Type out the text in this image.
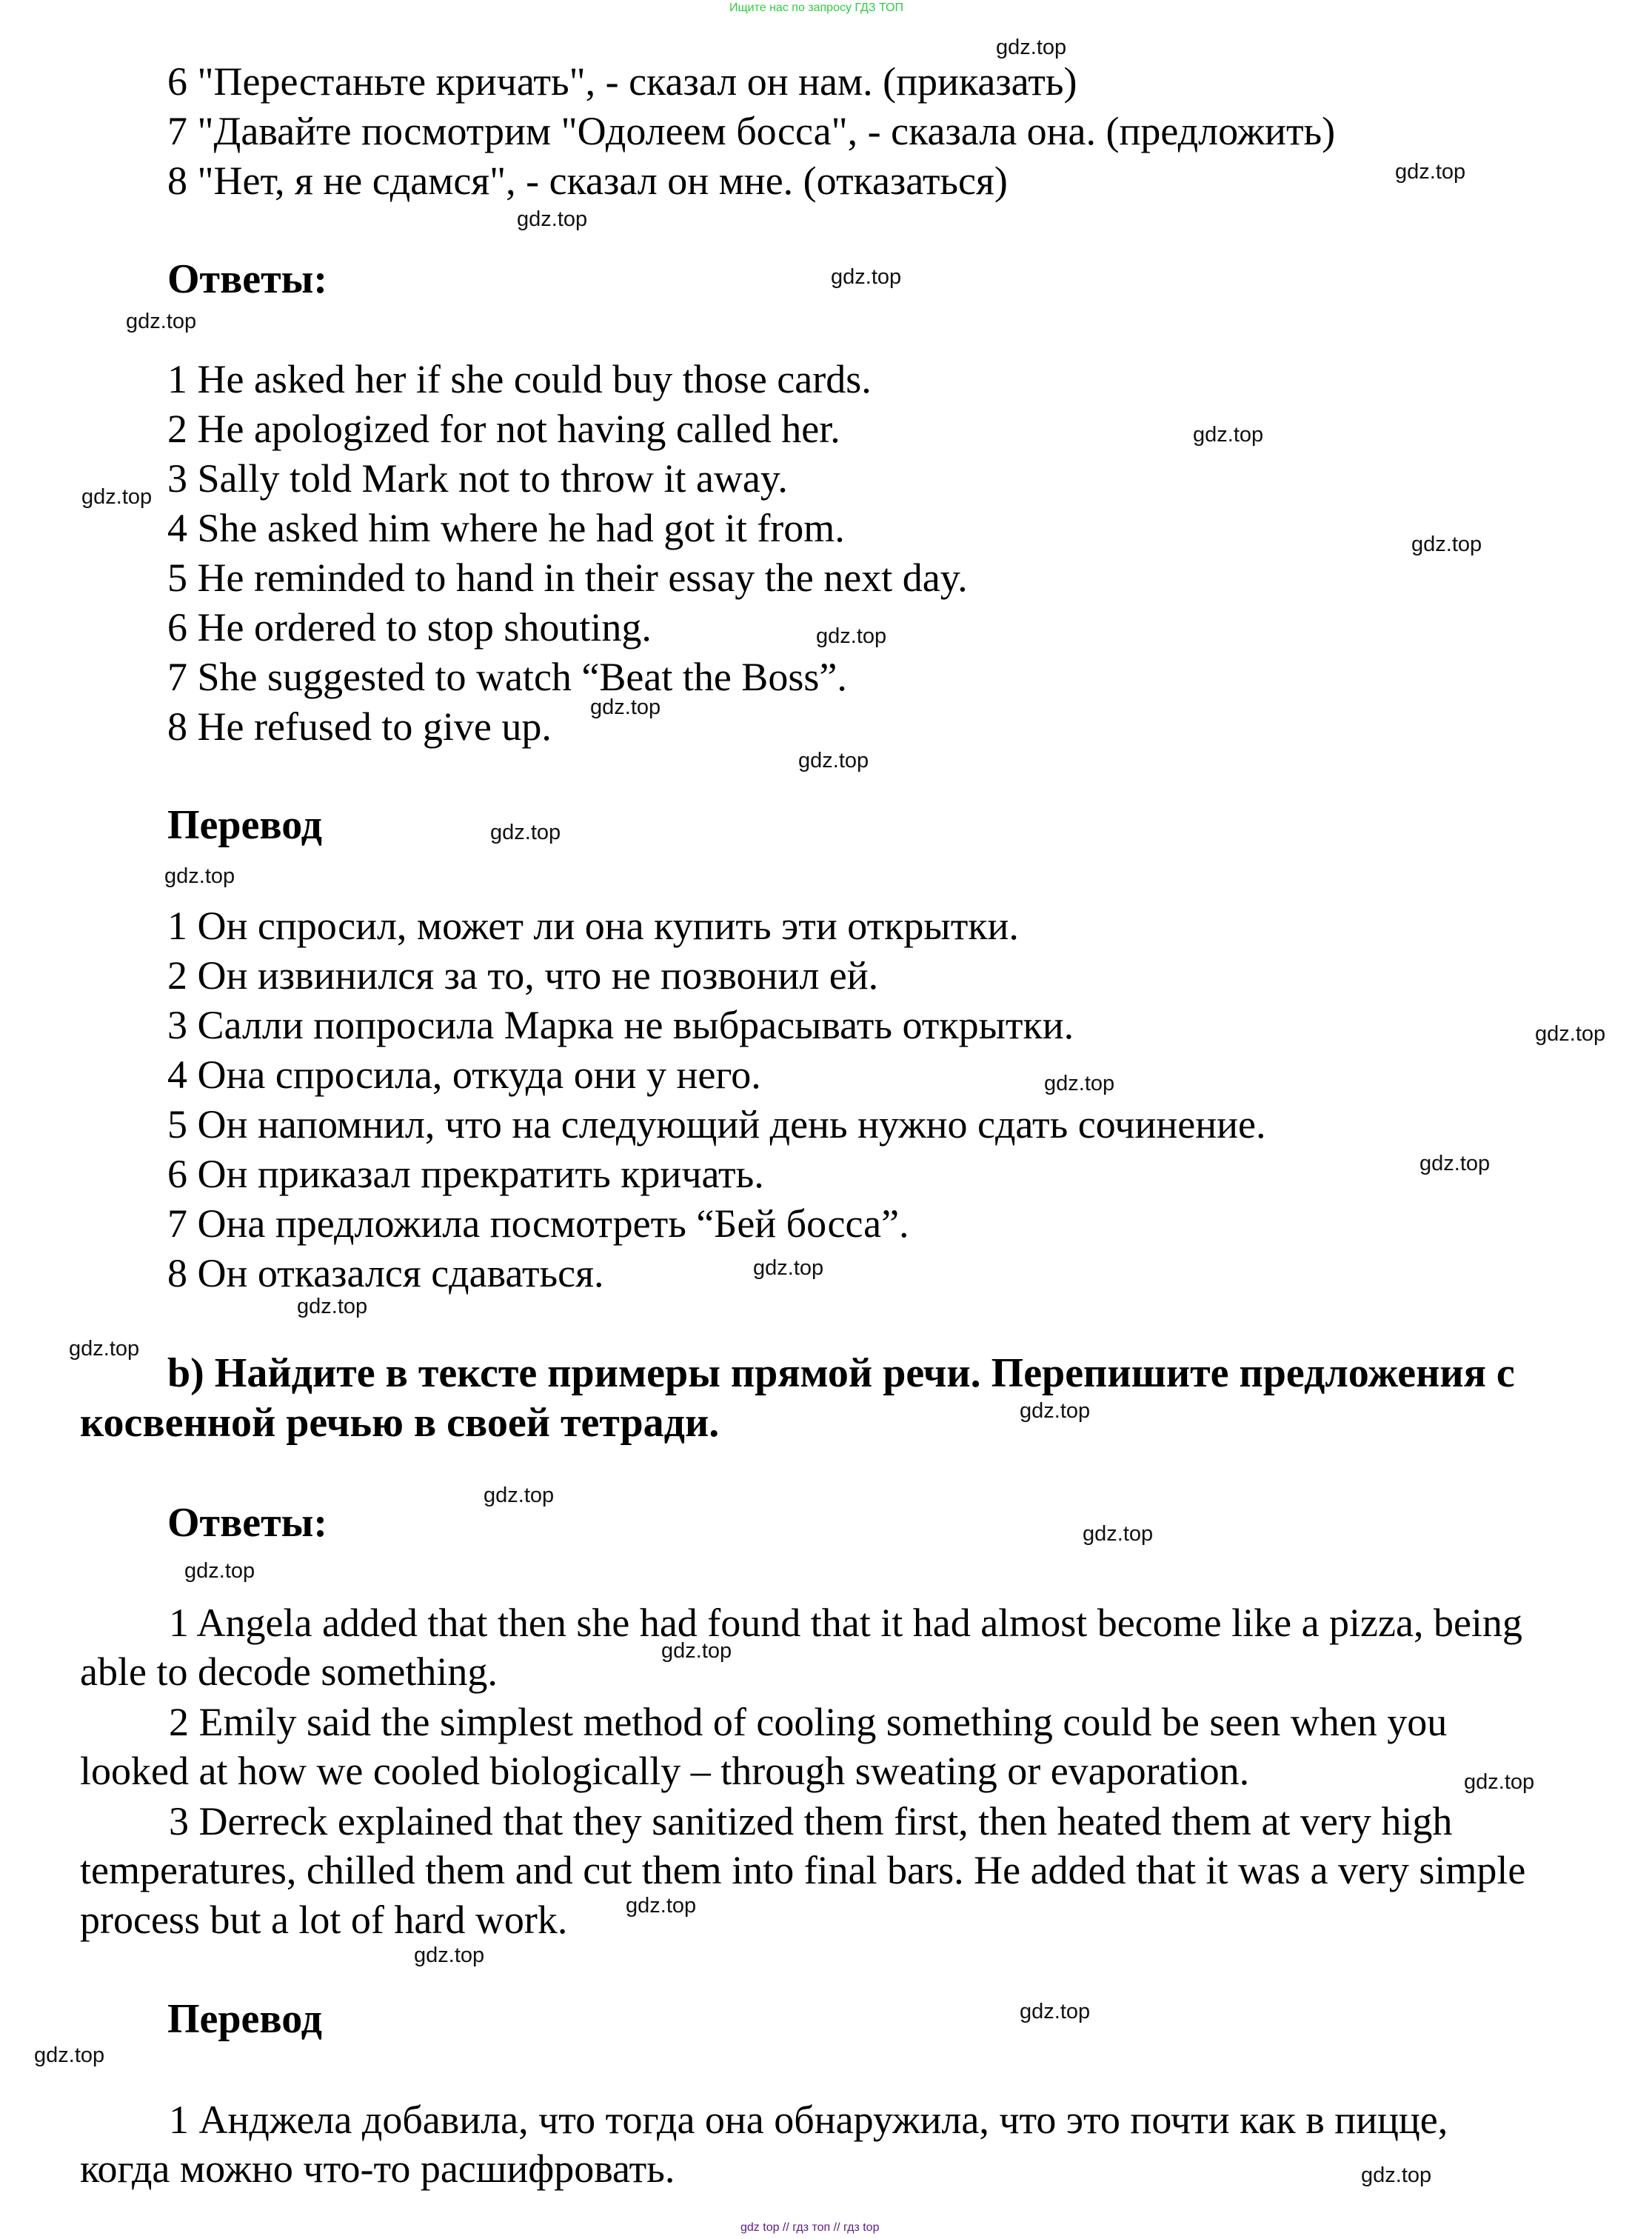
Ищите нас по запросу ГДЗ ТОП
6 "Перестаньте кричать", - сказал он нам. (приказать)
7 "Давайте посмотрим "Одолеем босса", - сказала она. (предложить)
8 "Нет, я не сдамся", - сказал он мне. (отказаться)
Ответы:
1 He asked her if she could buy those cards.
2 He apologized for not having called her.
3 Sally told Mark not to throw it away.
4 She asked him where he had got it from.
5 He reminded to hand in their essay the next day.
6 He ordered to stop shouting.
7 She suggested to watch “Beat the Boss”.
8 He refused to give up.
Перевод
1 Он спросил, может ли она купить эти открытки.
2 Он извинился за то, что не позвонил ей.
3 Салли попросила Марка не выбрасывать открытки.
4 Она спросила, откуда они у него.
5 Он напомнил, что на следующий день нужно сдать сочинение.
6 Он приказал прекратить кричать.
7 Она предложила посмотреть “Бей босса”.
8 Он отказался сдаваться.
b) Найдите в тексте примеры прямой речи. Перепишите предложения с
косвенной речью в своей тетради.
Ответы:
1 Angela added that then she had found that it had almost become like a pizza, being
able to decode something.
2 Emily said the simplest method of cooling something could be seen when you
looked at how we cooled biologically – through sweating or evaporation.
3 Derreck explained that they sanitized them first, then heated them at very high
temperatures, chilled them and cut them into final bars. He added that it was a very simple
process but a lot of hard work.
Перевод
1 Анджела добавила, что тогда она обнаружила, что это почти как в пицце,
когда можно что-то расшифровать.
gdz.top
gdz.top
gdz.top
gdz.top
gdz.top
gdz.top
gdz.top
gdz.top
gdz.top
gdz.top
gdz.top
gdz.top
gdz.top
gdz.top
gdz.top
gdz.top
gdz.top
gdz.top
gdz.top
gdz.top
gdz.top
gdz.top
gdz.top
gdz.top
gdz.top
gdz.top
gdz.top
gdz.top
gdz.top
gdz.top
gdz top // гдз топ // гдз top
